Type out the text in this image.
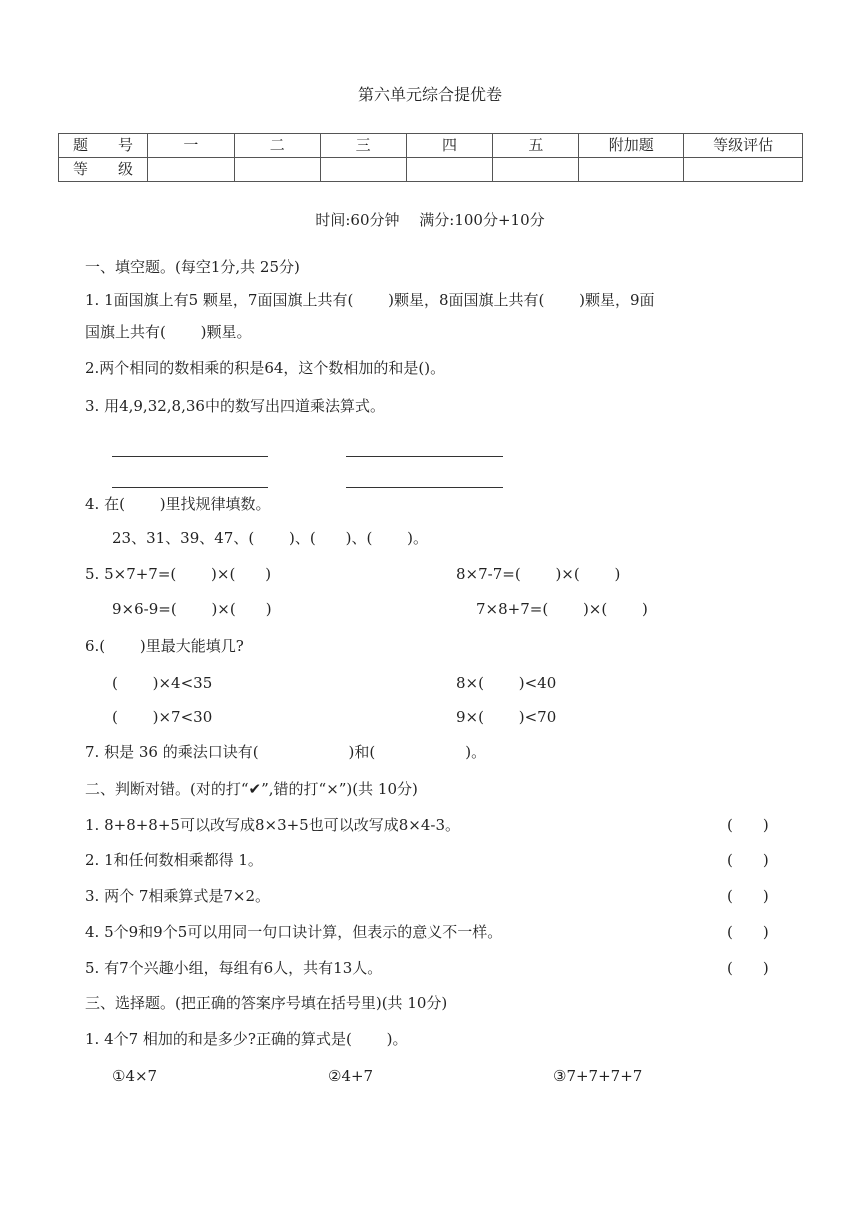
第六单元综合提优卷
题　　号	一	二	三	四	五	附加题	等级评估
等　　级							
时间:60分钟　 满分:100分+10分
一、填空题。(每空1分,共 25分)
1. 1面国旗上有5 颗星，7面国旗上共有(　　 )颗星，8面国旗上共有(　　 )颗星，9面
国旗上共有(　　 )颗星。
2.两个相同的数相乘的积是64，这个数相加的和是()。
3. 用4,9,32,8,36中的数写出四道乘法算式。
4. 在(　　 )里找规律填数。
23、31、39、47、(　　 )、(　　)、(　　 )。
5. 5×7+7=(　　 )×(　　)	8×7-7=(　　 )×(　　 )
9×6-9=(　　 )×(　　)	7×8+7=(　　 )×(　　 )
6.(　　 )里最大能填几?
(　　 )×4<35	8×(　　 )<40
(　　 )×7<30	9×(　　 )<70
7. 积是 36 的乘法口诀有(　　　　　　)和(　　　　　　)。
二、判断对错。(对的打“✔”,错的打“×”)(共 10分)
1. 8+8+8+5可以改写成8×3+5也可以改写成8×4-3。	(　　)
2. 1和任何数相乘都得 1。	(　　)
3. 两个 7相乘算式是7×2。	(　　)
4. 5个9和9个5可以用同一句口诀计算，但表示的意义不一样。	(　　)
5. 有7个兴趣小组，每组有6人，共有13人。	(　　)
三、选择题。(把正确的答案序号填在括号里)(共 10分)
1. 4个7 相加的和是多少?正确的算式是(　　 )。
①4×7	②4+7	③7+7+7+7
